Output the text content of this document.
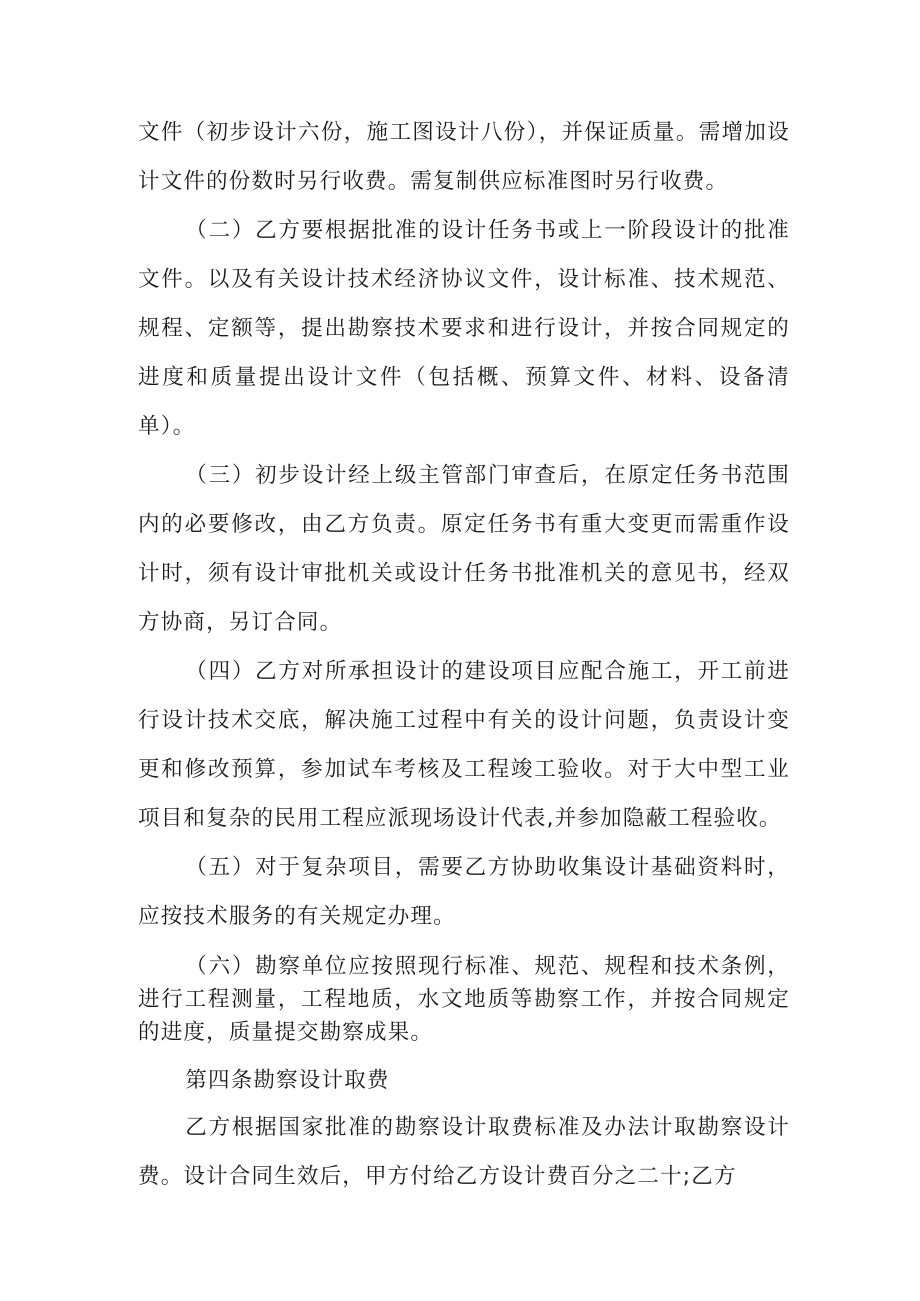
文件（初步设计六份，施工图设计八份），并保证质量。需增加设计文件的份数时另行收费。需复制供应标准图时另行收费。

（二）乙方要根据批准的设计任务书或上一阶段设计的批准文件。以及有关设计技术经济协议文件，设计标准、技术规范、规程、定额等，提出勘察技术要求和进行设计，并按合同规定的进度和质量提出设计文件（包括概、预算文件、材料、设备清单）。

（三）初步设计经上级主管部门审查后，在原定任务书范围内的必要修改，由乙方负责。原定任务书有重大变更而需重作设计时，须有设计审批机关或设计任务书批准机关的意见书，经双方协商，另订合同。

（四）乙方对所承担设计的建设项目应配合施工，开工前进行设计技术交底，解决施工过程中有关的设计问题，负责设计变更和修改预算，参加试车考核及工程竣工验收。对于大中型工业项目和复杂的民用工程应派现场设计代表,并参加隐蔽工程验收。

（五）对于复杂项目，需要乙方协助收集设计基础资料时，应按技术服务的有关规定办理。

（六）勘察单位应按照现行标准、规范、规程和技术条例，进行工程测量，工程地质，水文地质等勘察工作，并按合同规定的进度，质量提交勘察成果。

第四条勘察设计取费

乙方根据国家批准的勘察设计取费标准及办法计取勘察设计费。设计合同生效后，甲方付给乙方设计费百分之二十;乙方
